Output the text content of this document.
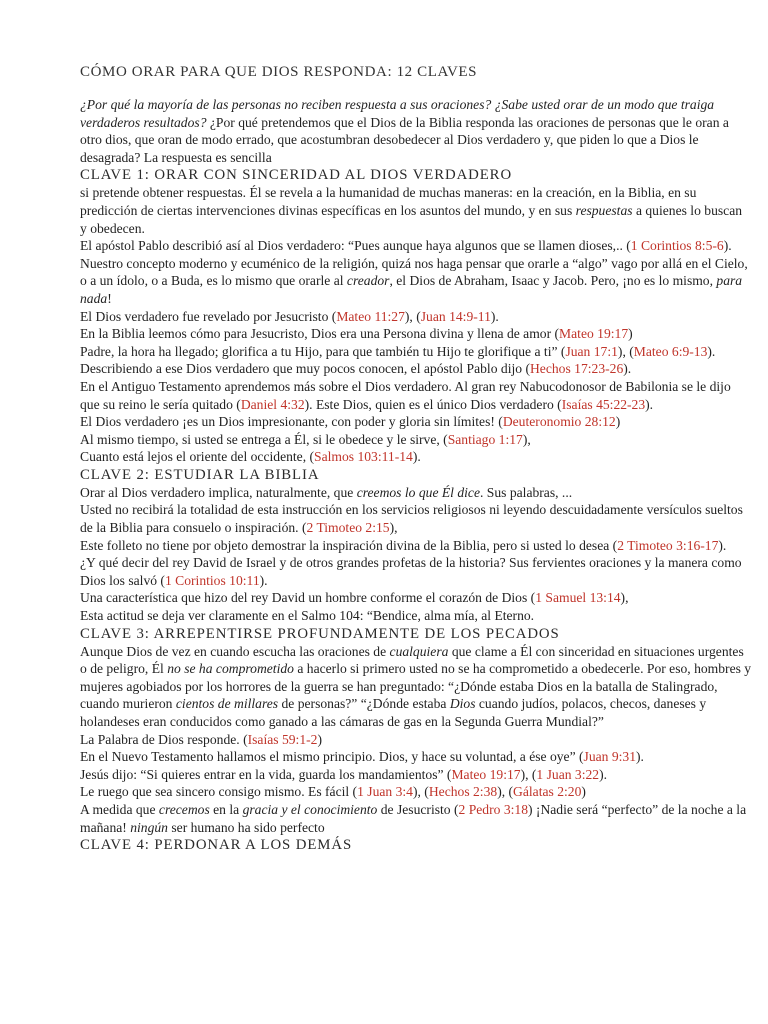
CÓMO ORAR PARA QUE DIOS RESPONDA: 12 CLAVES

¿Por qué la mayoría de las personas no reciben respuesta a sus oraciones? ¿Sabe usted orar de un modo que traiga verdaderos resultados? ¿Por qué pretendemos que el Dios de la Biblia responda las oraciones de personas que le oran a otro dios, que oran de modo errado, que acostumbran desobedecer al Dios verdadero y, que piden lo que a Dios le desagrada? La respuesta es sencilla

CLAVE 1: ORAR CON SINCERIDAD AL DIOS VERDADERO

si pretende obtener respuestas. Él se revela a la humanidad de muchas maneras: en la creación, en la Biblia, en su predicción de ciertas intervenciones divinas específicas en los asuntos del mundo, y en sus respuestas a quienes lo buscan y obedecen.

El apóstol Pablo describió así al Dios verdadero: “Pues aunque haya algunos que se llamen dioses,.. (1 Corintios 8:5-6).

Nuestro concepto moderno y ecuménico de la religión, quizá nos haga pensar que orarle a “algo” vago por allá en el Cielo, o a un ídolo, o a Buda, es lo mismo que orarle al creador, el Dios de Abraham, Isaac y Jacob. Pero, ¡no es lo mismo, para nada!

El Dios verdadero fue revelado por Jesucristo (Mateo 11:27), (Juan 14:9-11).

En la Biblia leemos cómo para Jesucristo, Dios era una Persona divina y llena de amor (Mateo 19:17)

Padre, la hora ha llegado; glorifica a tu Hijo, para que también tu Hijo te glorifique a ti” (Juan 17:1), (Mateo 6:9-13).

Describiendo a ese Dios verdadero que muy pocos conocen, el apóstol Pablo dijo (Hechos 17:23-26).

En el Antiguo Testamento aprendemos más sobre el Dios verdadero. Al gran rey Nabucodonosor de Babilonia se le dijo que su reino le sería quitado (Daniel 4:32). Este Dios, quien es el único Dios verdadero (Isaías 45:22-23).

El Dios verdadero ¡es un Dios impresionante, con poder y gloria sin límites! (Deuteronomio 28:12)

Al mismo tiempo, si usted se entrega a Él, si le obedece y le sirve, (Santiago 1:17),

Cuanto está lejos el oriente del occidente, (Salmos 103:11-14).

CLAVE 2: ESTUDIAR LA BIBLIA

Orar al Dios verdadero implica, naturalmente, que creemos lo que Él dice. Sus palabras, ...

Usted no recibirá la totalidad de esta instrucción en los servicios religiosos ni leyendo descuidadamente versículos sueltos de la Biblia para consuelo o inspiración. (2 Timoteo 2:15),

Este folleto no tiene por objeto demostrar la inspiración divina de la Biblia, pero si usted lo desea (2 Timoteo 3:16-17).

¿Y qué decir del rey David de Israel y de otros grandes profetas de la historia? Sus fervientes oraciones y la manera como Dios los salvó (1 Corintios 10:11).

Una característica que hizo del rey David un hombre conforme el corazón de Dios (1 Samuel 13:14),

Esta actitud se deja ver claramente en el Salmo 104: “Bendice, alma mía, al Eterno.

CLAVE 3: ARREPENTIRSE PROFUNDAMENTE DE LOS PECADOS

Aunque Dios de vez en cuando escucha las oraciones de cualquiera que clame a Él con sinceridad en situaciones urgentes o de peligro, Él no se ha comprometido a hacerlo si primero usted no se ha comprometido a obedecerle. Por eso, hombres y mujeres agobiados por los horrores de la guerra se han preguntado: “¿Dónde estaba Dios en la batalla de Stalingrado, cuando murieron cientos de millares de personas?” “¿Dónde estaba Dios cuando judíos, polacos, checos, daneses y holandeses eran conducidos como ganado a las cámaras de gas en la Segunda Guerra Mundial?”

La Palabra de Dios responde. (Isaías 59:1-2)

En el Nuevo Testamento hallamos el mismo principio. Dios, y hace su voluntad, a ése oye” (Juan 9:31).

Jesús dijo: “Si quieres entrar en la vida, guarda los mandamientos” (Mateo 19:17), (1 Juan 3:22).

Le ruego que sea sincero consigo mismo. Es fácil (1 Juan 3:4), (Hechos 2:38), (Gálatas 2:20)

A medida que crecemos en la gracia y el conocimiento de Jesucristo (2 Pedro 3:18) ¡Nadie será “perfecto” de la noche a la mañana! ningún ser humano ha sido perfecto

CLAVE 4: PERDONAR A LOS DEMÁS
